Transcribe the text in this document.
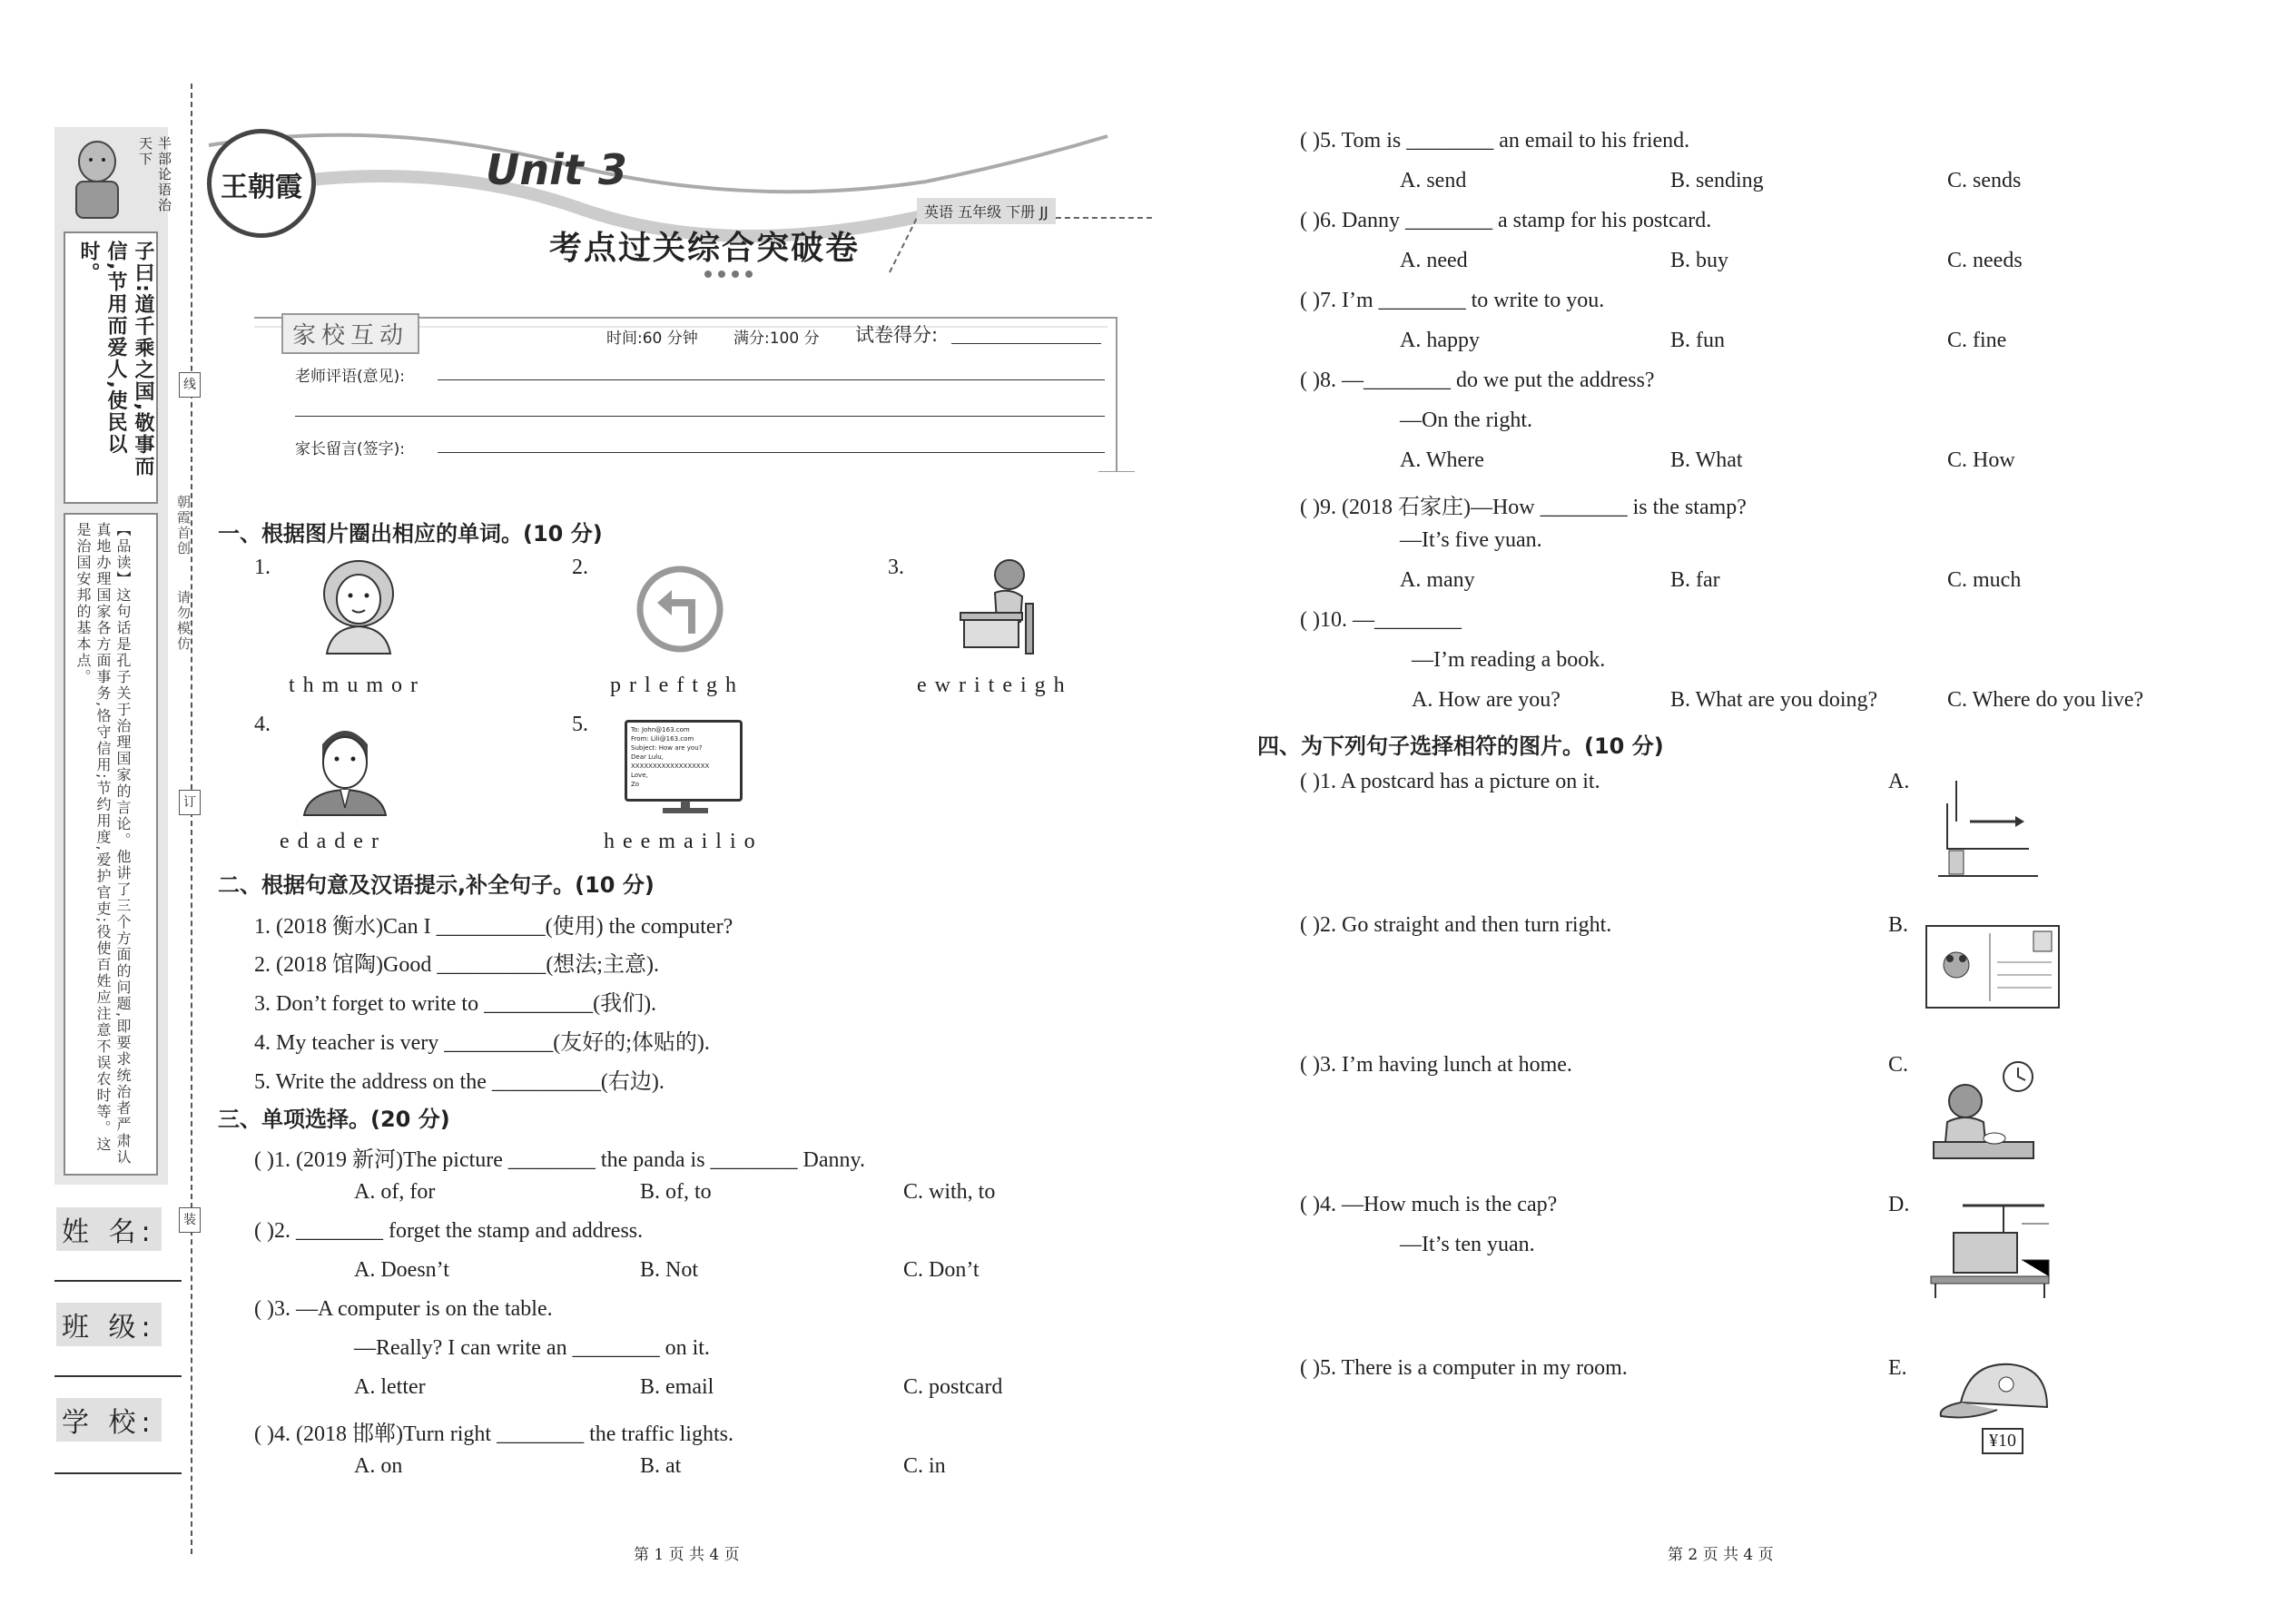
半部论语治天下
子曰:道千乘之国,敬事而信,节用而爱人,使民以时。
【品读】这句话是孔子关于治理国家的言论。他讲了三个方面的问题,即要求统治者严肃认真地办理国家各方面事务,恪守信用;节约用度,爱护官吏;役使百姓应注意不误农时等。这是治国安邦的基本点。
姓 名:
班 级:
学 校:
线
订
装
朝霞首创
请勿模仿
王朝霞	Unit 3
考点过关综合突破卷
英语 五年级 下册 JJ
家校互动	时间:60 分钟 满分:100 分 试卷得分:
老师评语(意见):
家长留言(签字):
一、根据图片圈出相应的单词。(10 分)
1.
thmumor
2.
prleftgh
3.
ewriteigh
4.
edader
5.	To: John@163.com
From: Lili@163.com
Subject: How are you?
Dear Lulu,
XXXXXXXXXXXXXXXXXX
Love,
Zo
heemailio
二、根据句意及汉语提示,补全句子。(10 分)
1. (2018 衡水)Can I __________(使用) the computer?
2. (2018 馆陶)Good __________(想法;主意).
3. Don’t forget to write to __________(我们).
4. My teacher is very __________(友好的;体贴的).
5. Write the address on the __________(右边).
三、单项选择。(20 分)
( )1. (2019 新河)The picture ________ the panda is ________ Danny.
A. of, for	B. of, to	C. with, to
( )2. ________ forget the stamp and address.
A. Doesn’t	B. Not	C. Don’t
( )3. —A computer is on the table.
—Really? I can write an ________ on it.
A. letter	B. email	C. postcard
( )4. (2018 邯郸)Turn right ________ the traffic lights.
A. on	B. at	C. in
第 1 页 共 4 页
( )5. Tom is ________ an email to his friend.
A. send	B. sending	C. sends
( )6. Danny ________ a stamp for his postcard.
A. need	B. buy	C. needs
( )7. I’m ________ to write to you.
A. happy	B. fun	C. fine
( )8. —________ do we put the address?
—On the right.
A. Where	B. What	C. How
( )9. (2018 石家庄)—How ________ is the stamp?
—It’s five yuan.
A. many	B. far	C. much
( )10. —________
—I’m reading a book.
A. How are you?	B. What are you doing?	C. Where do you live?
四、为下列句子选择相符的图片。(10 分)
( )1. A postcard has a picture on it.	A.
( )2. Go straight and then turn right.	B.
( )3. I’m having lunch at home.	C.
( )4. —How much is the cap?
—It’s ten yuan.
D.
( )5. There is a computer in my room.	E.
¥10
第 2 页 共 4 页
